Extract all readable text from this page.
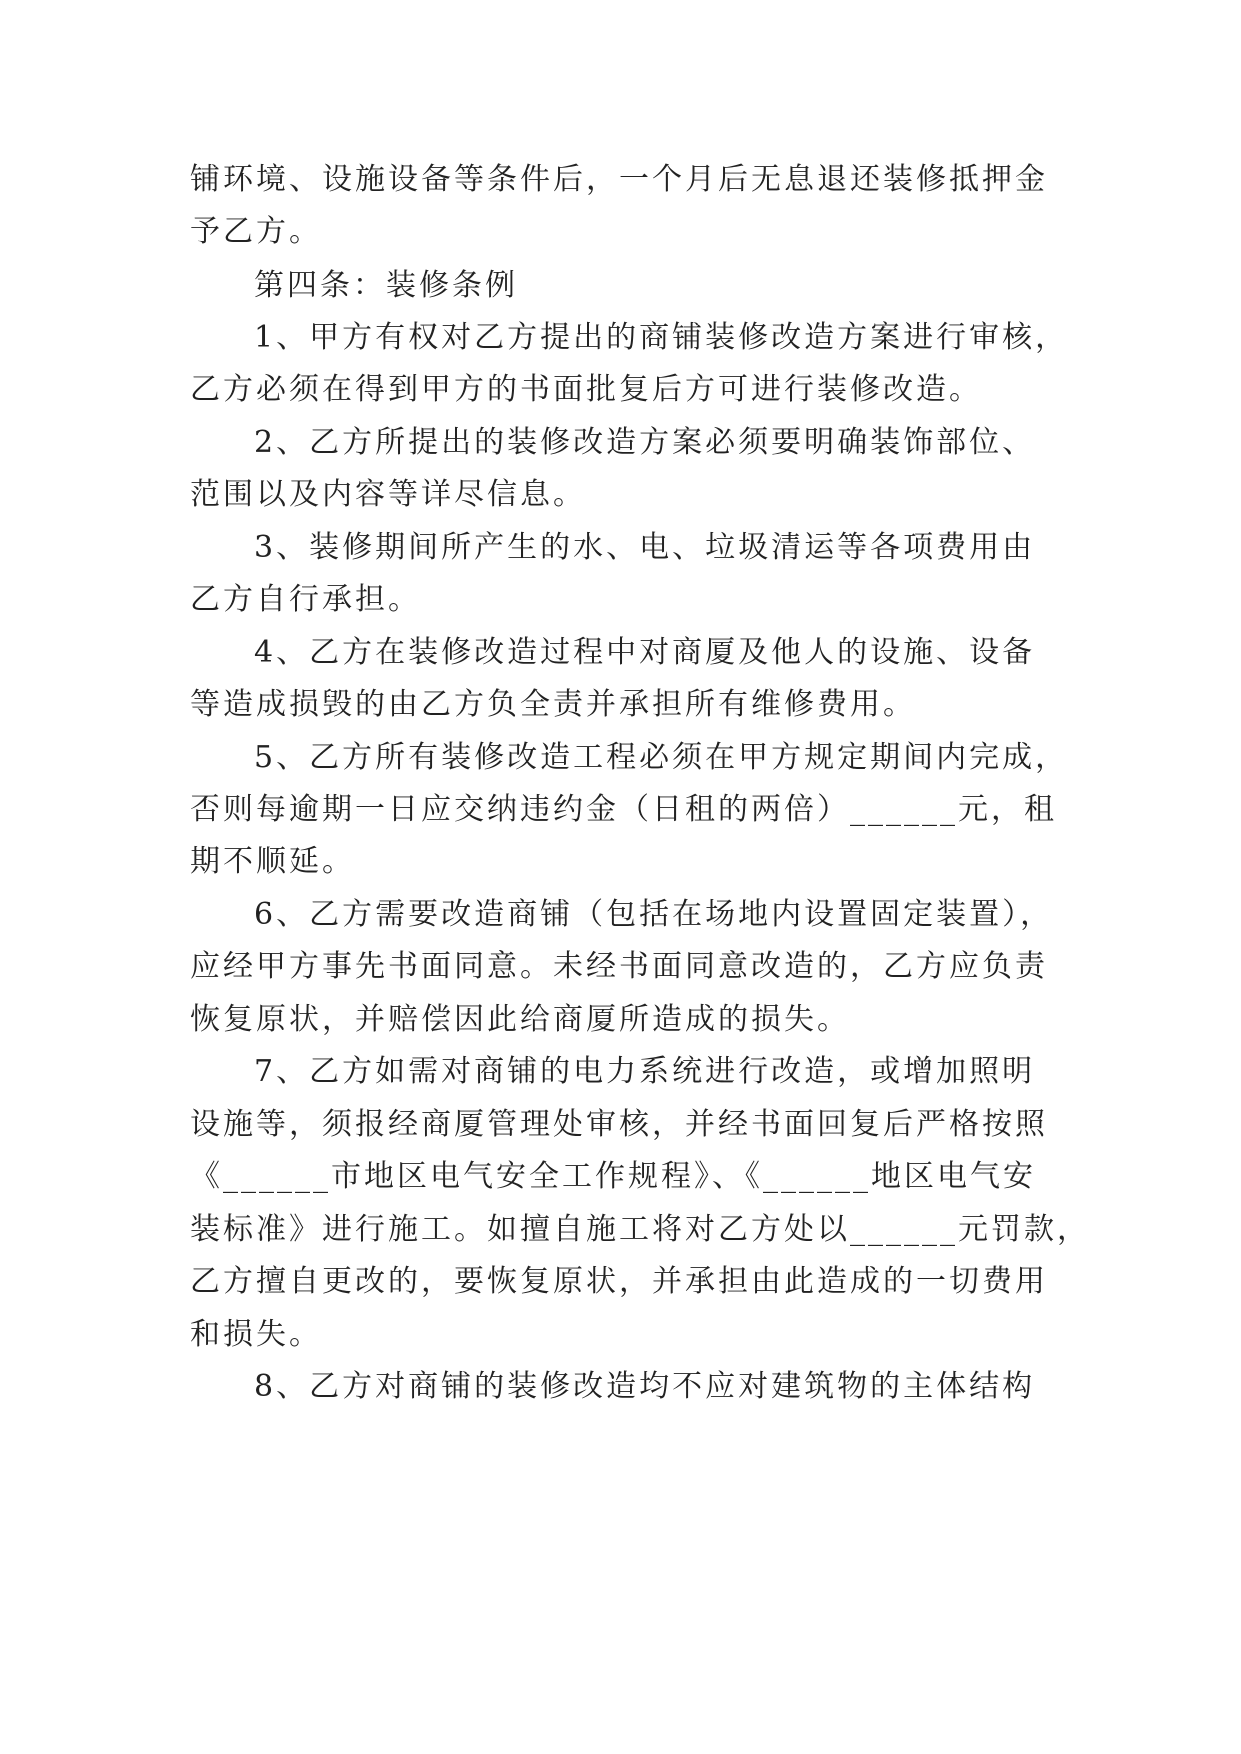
铺环境、设施设备等条件后，一个月后无息退还装修抵押金
予乙方。
第四条：装修条例
1、甲方有权对乙方提出的商铺装修改造方案进行审核，
乙方必须在得到甲方的书面批复后方可进行装修改造。
2、乙方所提出的装修改造方案必须要明确装饰部位、
范围以及内容等详尽信息。
3、装修期间所产生的水、电、垃圾清运等各项费用由
乙方自行承担。
4、乙方在装修改造过程中对商厦及他人的设施、设备
等造成损毁的由乙方负全责并承担所有维修费用。
5、乙方所有装修改造工程必须在甲方规定期间内完成，
否则每逾期一日应交纳违约金（日租的两倍）______元，租
期不顺延。
6、乙方需要改造商铺（包括在场地内设置固定装置），
应经甲方事先书面同意。未经书面同意改造的，乙方应负责
恢复原状，并赔偿因此给商厦所造成的损失。
7、乙方如需对商铺的电力系统进行改造，或增加照明
设施等，须报经商厦管理处审核，并经书面回复后严格按照
《______市地区电气安全工作规程》、《______地区电气安
装标准》进行施工。如擅自施工将对乙方处以______元罚款，
乙方擅自更改的，要恢复原状，并承担由此造成的一切费用
和损失。
8、乙方对商铺的装修改造均不应对建筑物的主体结构
